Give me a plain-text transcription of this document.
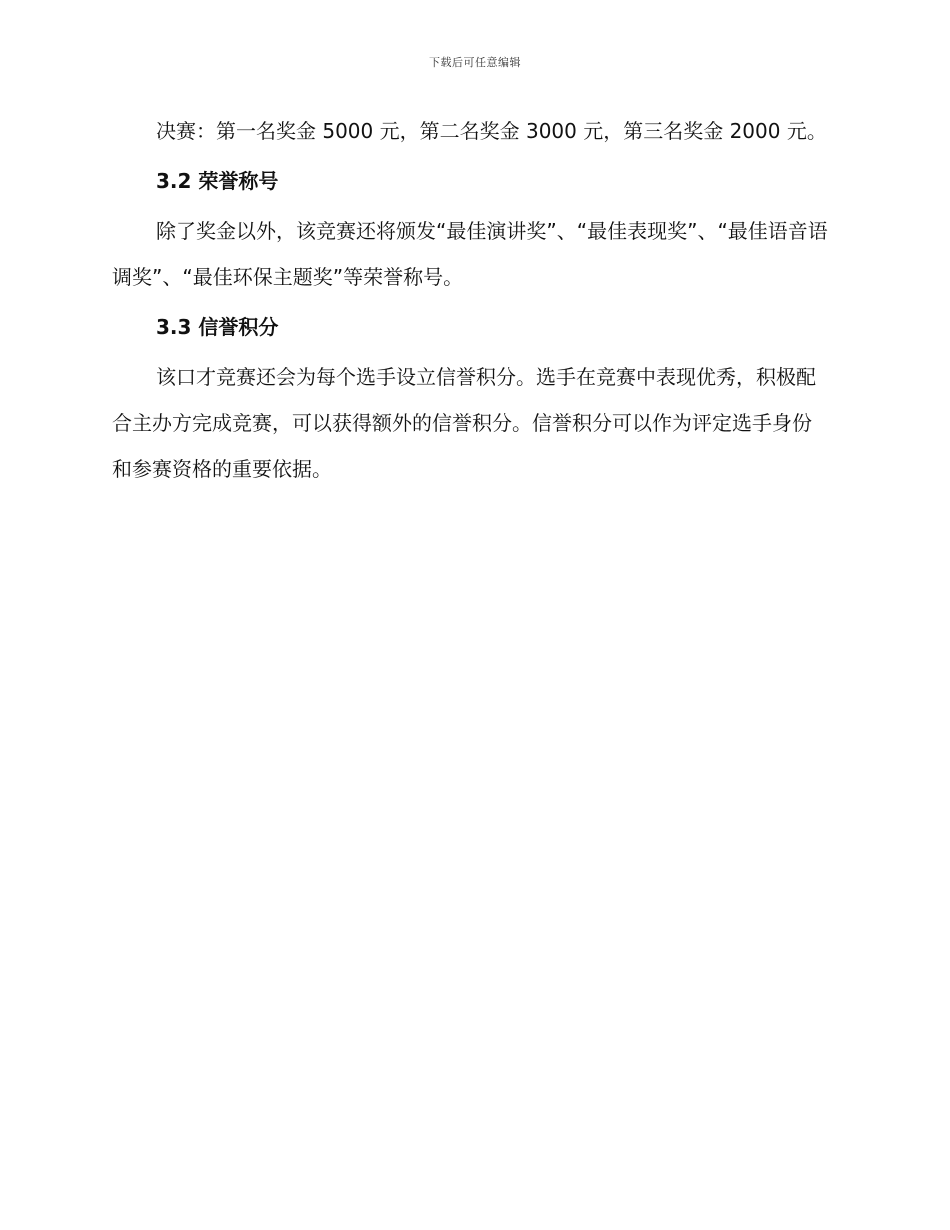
下载后可任意编辑

决赛：第一名奖金 5000 元，第二名奖金 3000 元，第三名奖金 2000 元。

3.2 荣誉称号

除了奖金以外，该竞赛还将颁发“最佳演讲奖”、“最佳表现奖”、“最佳语音语调奖”、“最佳环保主题奖”等荣誉称号。

3.3 信誉积分

该口才竞赛还会为每个选手设立信誉积分。选手在竞赛中表现优秀，积极配合主办方完成竞赛，可以获得额外的信誉积分。信誉积分可以作为评定选手身份和参赛资格的重要依据。
